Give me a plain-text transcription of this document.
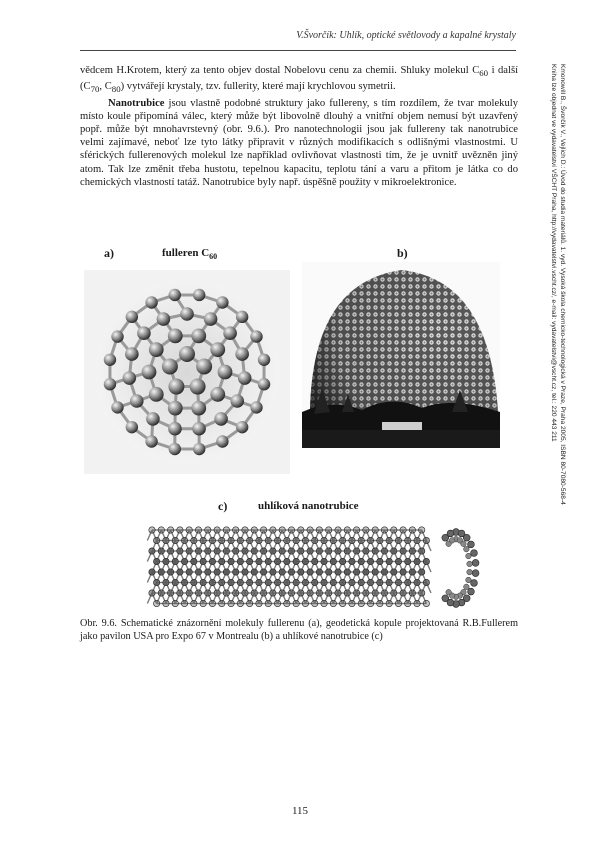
V.Švorčík: Uhlík, optické světlovody a kapalné krystaly

vědcem H.Krotem, který za tento objev dostal Nobelovu cenu za chemii. Shluky molekul $C_{60}$ i další ($C_{70}$, $C_{80}$) vytvářejí krystaly, tzv. fullerity, které mají krychlovou symetrii.

Nanotrubice jsou vlastně podobné struktury jako fullereny, s tím rozdílem, že tvar molekuly místo koule připomíná válec, který může být libovolně dlouhý a vnitřní objem nemusí být uzavřený popř. může být mnohavrstevný (obr. 9.6.). Pro nanotechnologii jsou jak fullereny tak nanotrubice velmi zajímavé, neboť lze tyto látky připravit v různých modifikacích s odlišnými vlastnostmi. U sférických fullerenových molekul lze například ovlivňovat vlastnosti tím, že je uvnitř uvězněn jiný atom. Tak lze změnit třeba hustotu, tepelnou kapacitu, teplotu tání a varu a přitom je látka co do chemických vlastností tatáž. Nanotrubice byly např. úspěšně použity v mikroelektronice.	Kmonowill B., Švorčík V., Vejlich D.: Úvod do studia materiálů. 1. vyd. Vysoká škola chemicko-technologická v Praze, Praha 2005, ISBN 80-7080-568-4
Kniha lze objednat ve vydavatelství VŠCHT Praha, http://vydavatelstvi.vscht.cz/, e-mail: vydavatelstvi@vscht.cz, tel.: 220 443 211
a)	fulleren $C_{60}$	b)
c)	uhlíková nanotrubice
Obr. 9.6. Schematické znázornění molekuly fullerenu (a), geodetická kopule projektovaná R.B.Fullerem jako pavilon USA pro Expo 67 v Montrealu (b) a uhlíkové nanotrubice (c)
115
